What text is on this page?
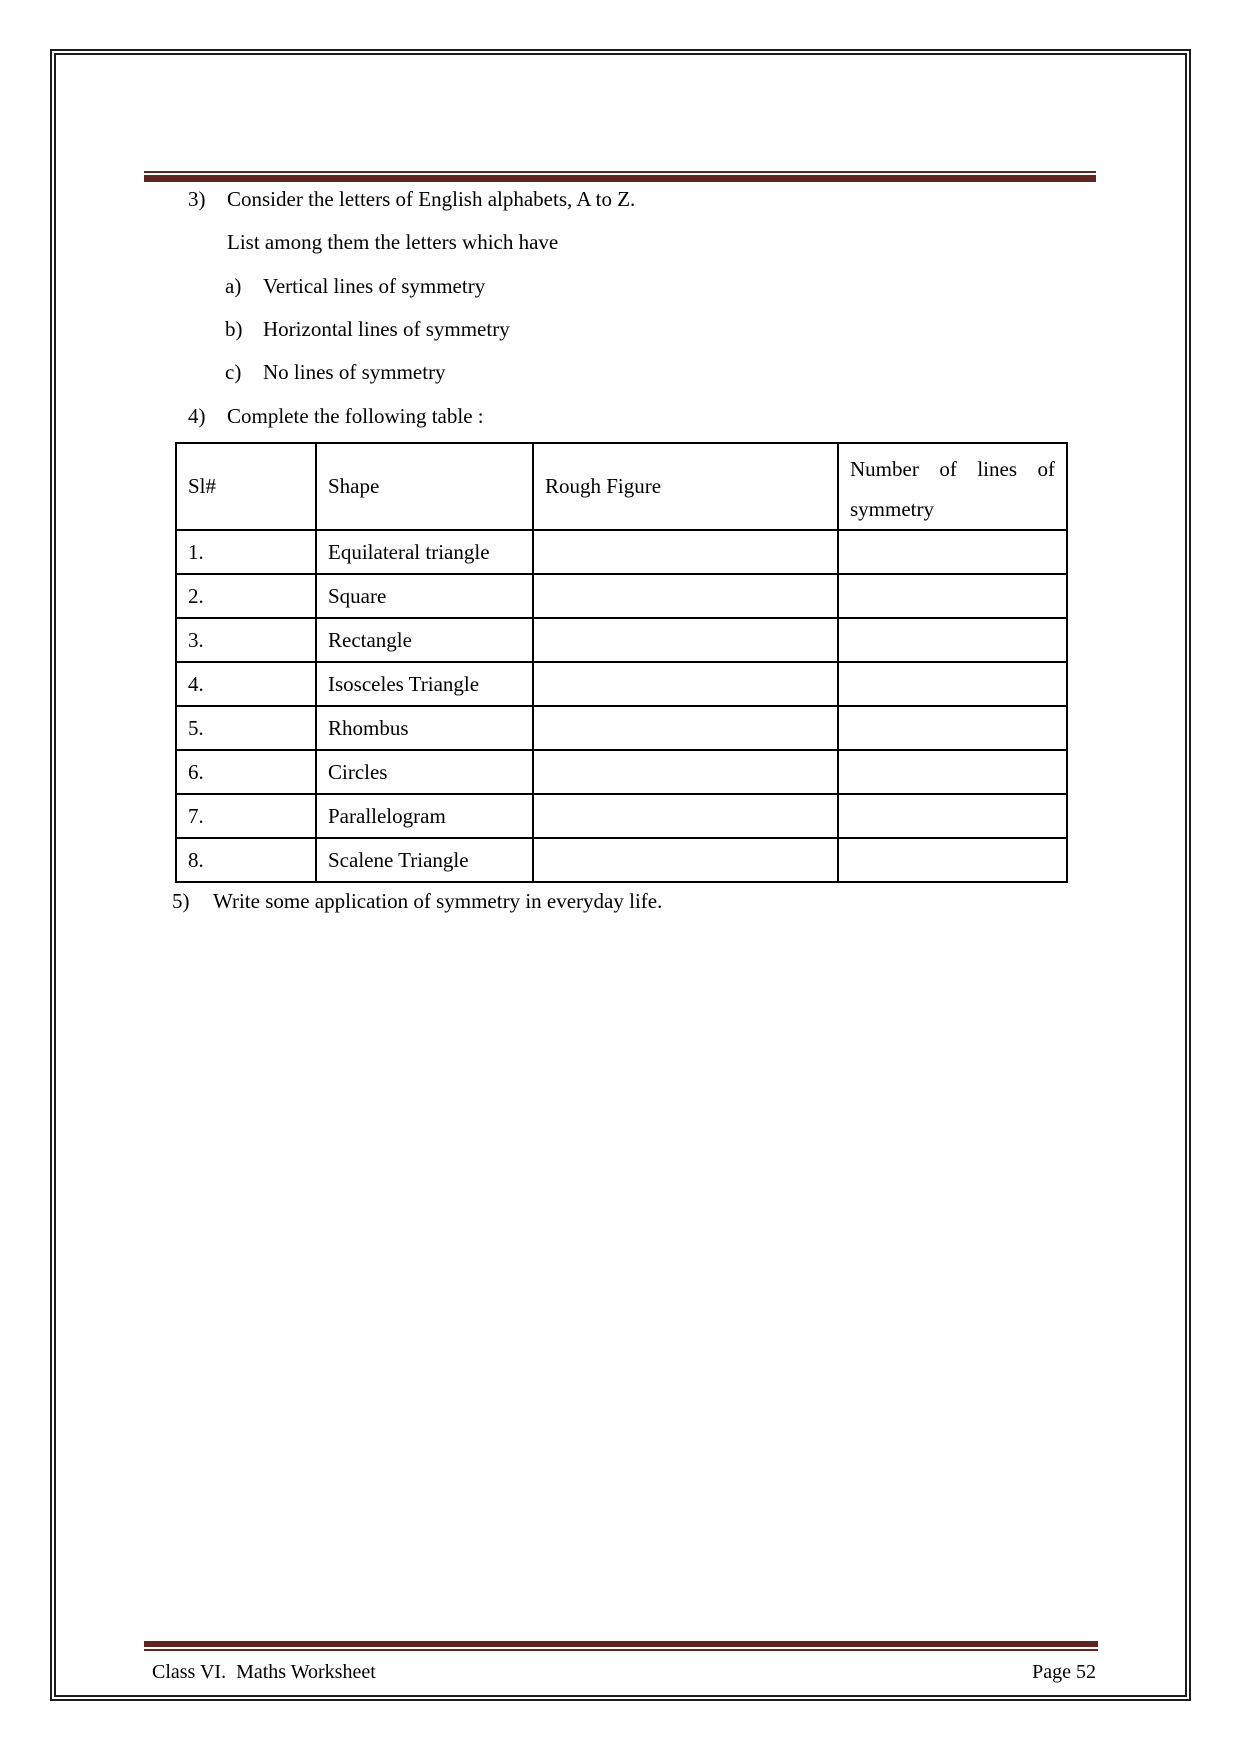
3) Consider the letters of English alphabets, A to Z.
List among them the letters which have
a) Vertical lines of symmetry
b) Horizontal lines of symmetry
c) No lines of symmetry
4) Complete the following table :
Sl#	Shape	Rough Figure	Number of lines of symmetry
1.	Equilateral triangle		
2.	Square		
3.	Rectangle		
4.	Isosceles Triangle		
5.	Rhombus		
6.	Circles		
7.	Parallelogram		
8.	Scalene Triangle		
5) Write some application of symmetry in everyday life.
Class VI.  Maths Worksheet	Page 52
